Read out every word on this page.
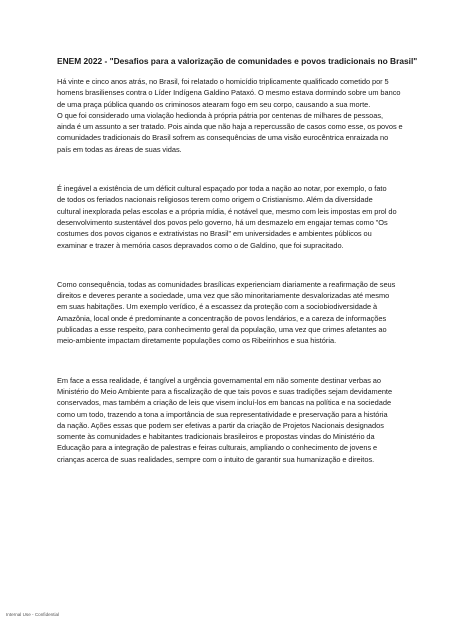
ENEM 2022 - "Desafios para a valorização de comunidades e povos tradicionais no Brasil"
Há vinte e cinco anos atrás, no Brasil, foi relatado o homicídio triplicamente qualificado cometido por 5
homens brasilienses contra o Líder Indígena Galdino Pataxó. O mesmo estava dormindo sobre um banco
de uma praça pública quando os criminosos atearam fogo em seu corpo, causando a sua morte.
O que foi considerado uma violação hedionda à própria pátria por centenas de milhares de pessoas,
ainda é um assunto a ser tratado. Pois ainda que não haja a repercussão de casos como esse, os povos e
comunidades tradicionais do Brasil sofrem as consequências de uma visão eurocêntrica enraizada no
país em todas as áreas de suas vidas.
É inegável a existência de um déficit cultural espaçado por toda a nação ao notar, por exemplo, o fato
de todos os feriados nacionais religiosos terem como origem o Cristianismo. Além da diversidade
cultural inexplorada pelas escolas e a própria mídia, é notável que, mesmo com leis impostas em prol do
desenvolvimento sustentável dos povos pelo governo, há um desmazelo em engajar temas como "Os
costumes dos povos ciganos e extrativistas no Brasil" em universidades e ambientes públicos ou
examinar e trazer à memória casos depravados como o de Galdino, que foi supracitado.
Como consequência, todas as comunidades brasílicas experienciam diariamente a reafirmação de seus
direitos e deveres perante a sociedade, uma vez que são minoritariamente desvalorizadas até mesmo
em suas habitações. Um exemplo verídico, é a escassez da proteção com a sociobiodiversidade à
Amazônia, local onde é predominante a concentração de povos lendários, e a carezа de informações
publicadas a esse respeito, para conhecimento geral da população, uma vez que crimes afetantes ao
meio-ambiente impactam diretamente populações como os Ribeirinhos e sua história.
Em face a essa realidade, é tangível a urgência governamental em não somente destinar verbas ao
Ministério do Meio Ambiente para a fiscalização de que tais povos e suas tradições sejam devidamente
conservados, mas também a criação de leis que visem incluí-los em bancas na política e na sociedade
como um todo, trazendo a tona a importância de sua representatividade e preservação para a história
da nação. Ações essas que podem ser efetivas a partir da criação de Projetos Nacionais designados
somente às comunidades e habitantes tradicionais brasileiros e propostas vindas do Ministério da
Educação para a integração de palestras e feiras culturais, ampliando o conhecimento de jovens e
crianças acerca de suas realidades, sempre com o intuito de garantir sua humanização e direitos.
Internal Use - Confidential
